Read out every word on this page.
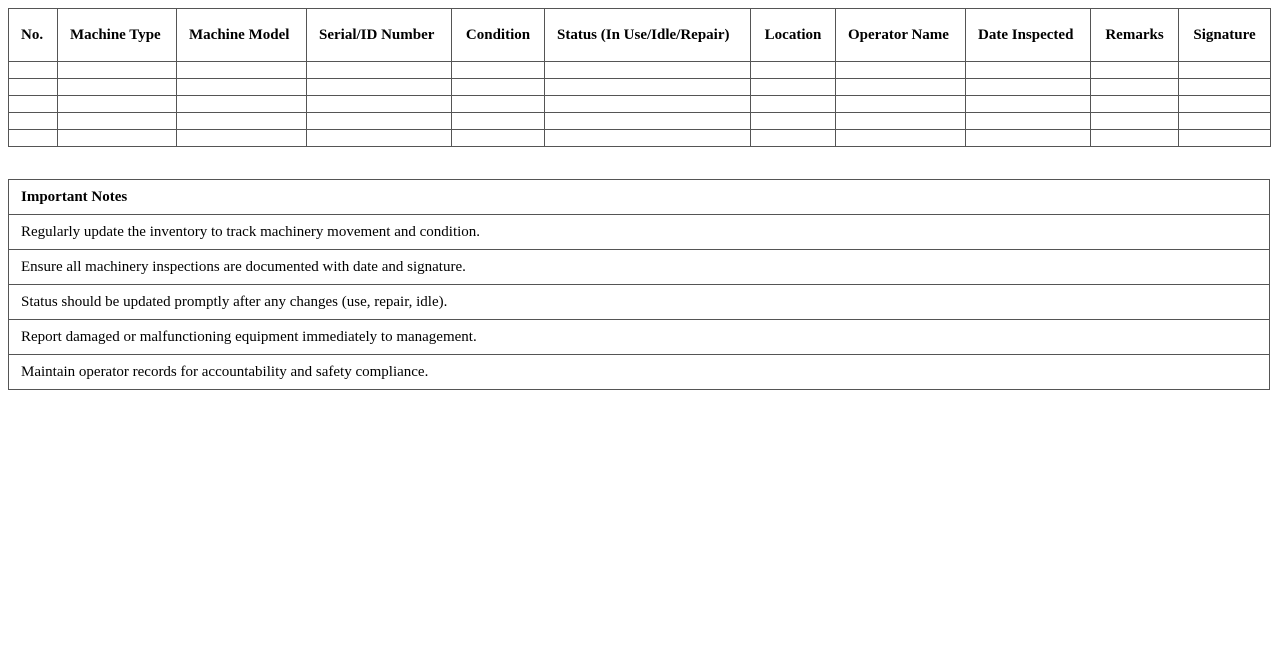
No.	Machine Type	Machine Model	Serial/ID Number	Condition	Status (In Use/Idle/Repair)	Location	Operator Name	Date Inspected	Remarks	Signature

Important Notes
Regularly update the inventory to track machinery movement and condition.
Ensure all machinery inspections are documented with date and signature.
Status should be updated promptly after any changes (use, repair, idle).
Report damaged or malfunctioning equipment immediately to management.
Maintain operator records for accountability and safety compliance.
